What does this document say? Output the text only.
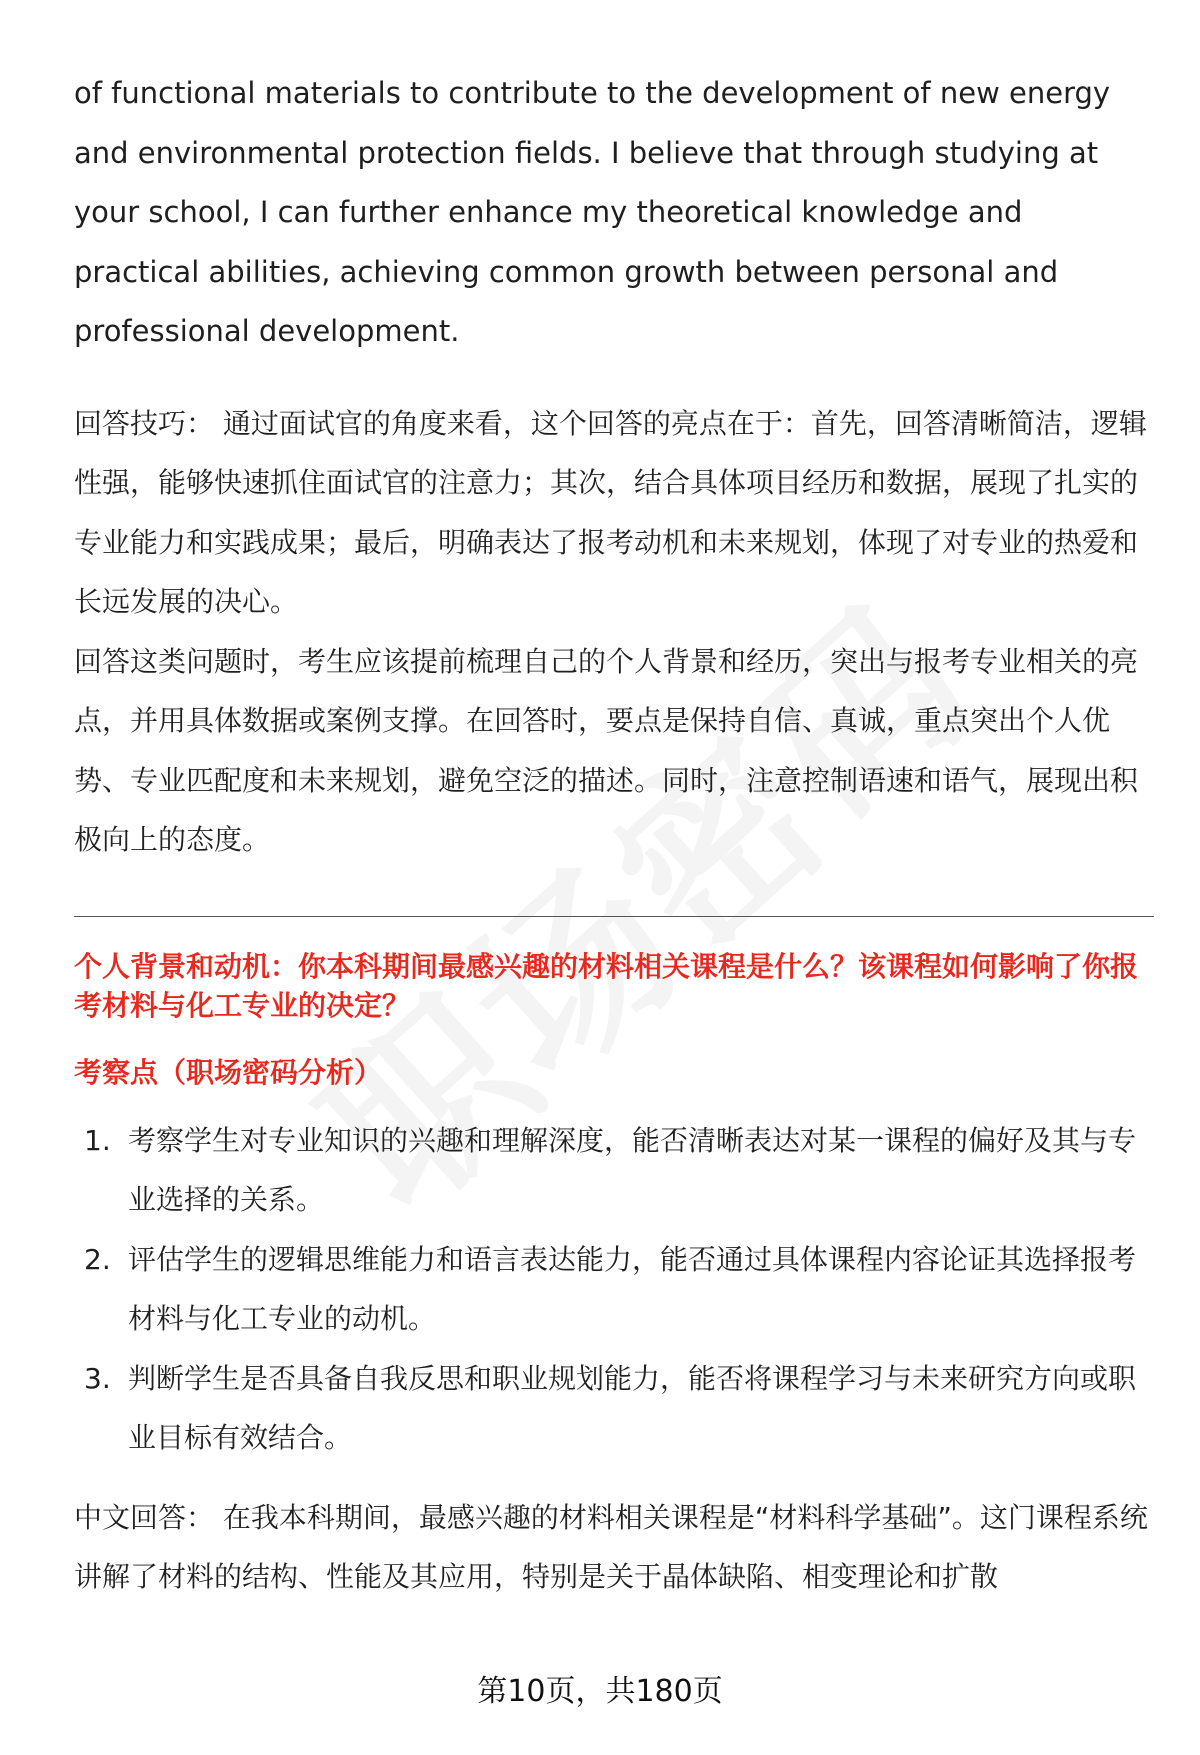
of functional materials to contribute to the development of new energy and environmental protection fields. I believe that through studying at your school, I can further enhance my theoretical knowledge and practical abilities, achieving common growth between personal and professional development.

回答技巧： 通过面试官的角度来看，这个回答的亮点在于：首先，回答清晰简洁，逻辑性强，能够快速抓住面试官的注意力；其次，结合具体项目经历和数据，展现了扎实的专业能力和实践成果；最后，明确表达了报考动机和未来规划，体现了对专业的热爱和长远发展的决心。

回答这类问题时，考生应该提前梳理自己的个人背景和经历，突出与报考专业相关的亮点，并用具体数据或案例支撑。在回答时，要点是保持自信、真诚，重点突出个人优势、专业匹配度和未来规划，避免空泛的描述。同时，注意控制语速和语气，展现出积极向上的态度。

个人背景和动机：你本科期间最感兴趣的材料相关课程是什么？该课程如何影响了你报考材料与化工专业的决定？
考察点（职场密码分析）
1. 考察学生对专业知识的兴趣和理解深度，能否清晰表达对某一课程的偏好及其与专业选择的关系。
2. 评估学生的逻辑思维能力和语言表达能力，能否通过具体课程内容论证其选择报考材料与化工专业的动机。
3. 判断学生是否具备自我反思和职业规划能力，能否将课程学习与未来研究方向或职业目标有效结合。

中文回答： 在我本科期间，最感兴趣的材料相关课程是“材料科学基础”。这门课程系统讲解了材料的结构、性能及其应用，特别是关于晶体缺陷、相变理论和扩散

第10页，共180页
